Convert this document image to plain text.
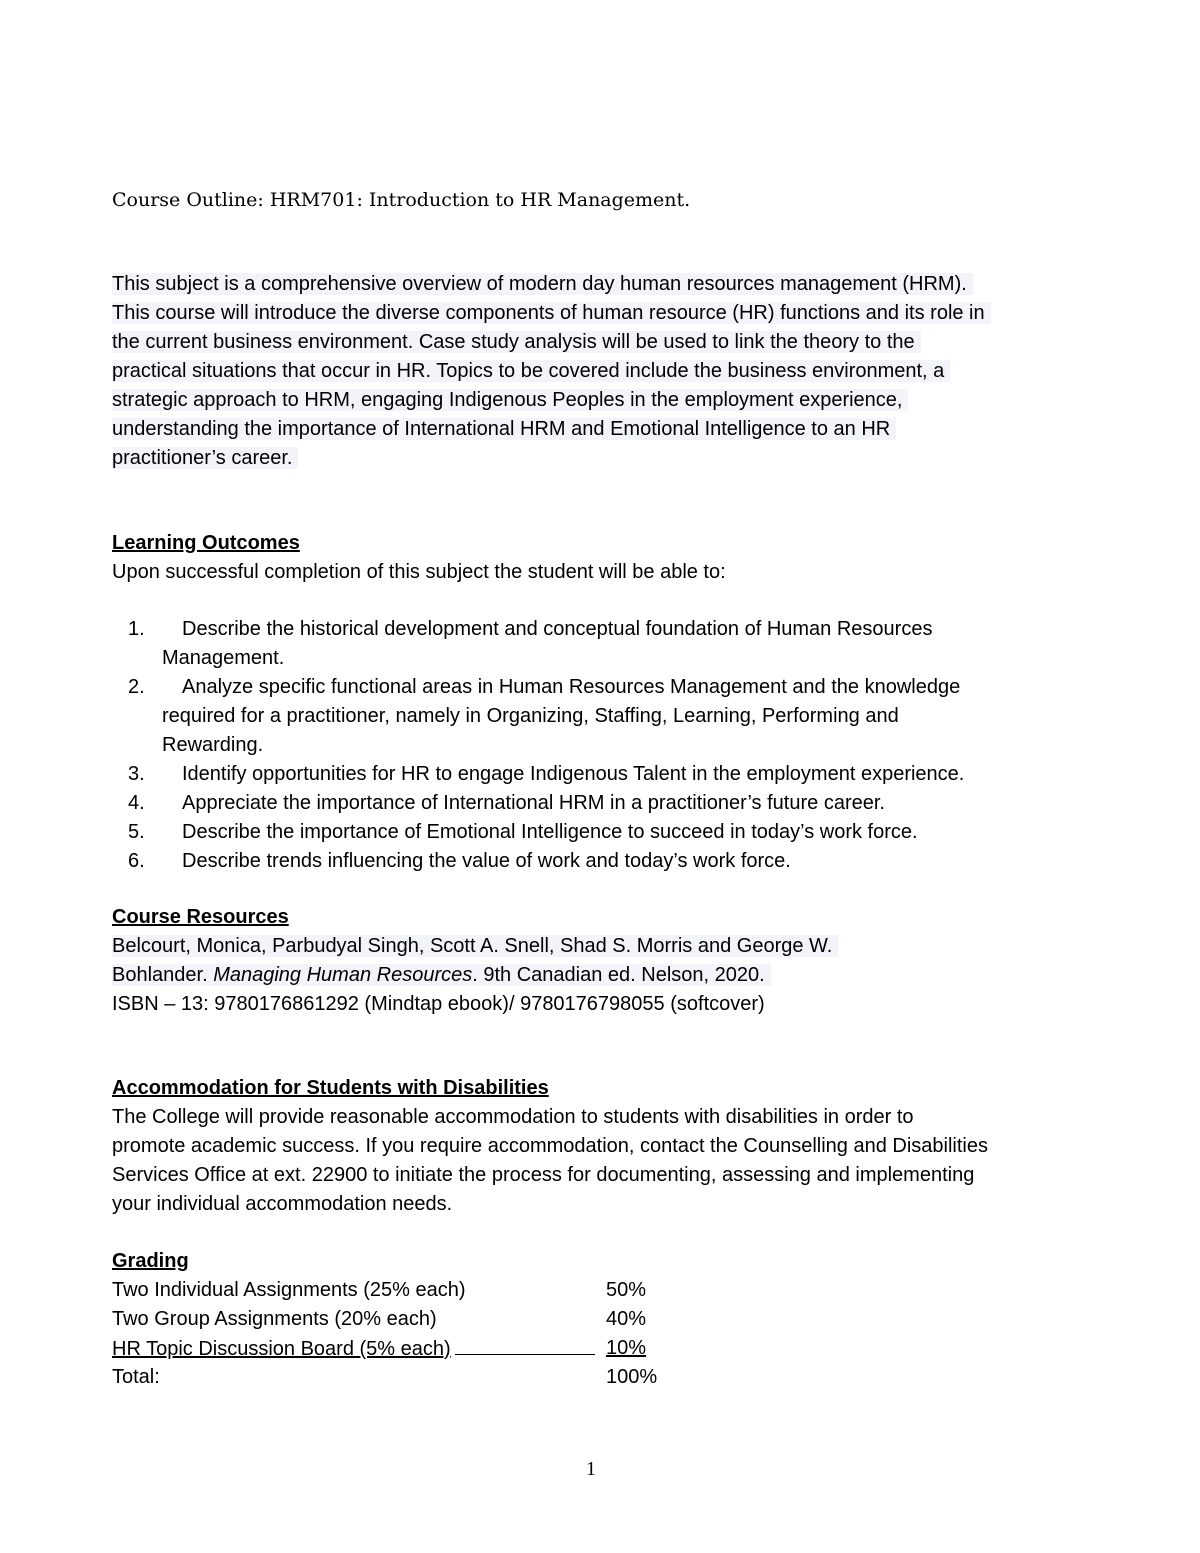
Course Outline: HRM701: Introduction to HR Management.
This subject is a comprehensive overview of modern day human resources management (HRM).
This course will introduce the diverse components of human resource (HR) functions and its role in
the current business environment. Case study analysis will be used to link the theory to the
practical situations that occur in HR. Topics to be covered include the business environment, a
strategic approach to HRM, engaging Indigenous Peoples in the employment experience,
understanding the importance of International HRM and Emotional Intelligence to an HR
practitioner’s career.
Learning Outcomes
Upon successful completion of this subject the student will be able to:
1.	Describe the historical development and conceptual foundation of Human Resources
Management.
2.	Analyze specific functional areas in Human Resources Management and the knowledge
required for a practitioner, namely in Organizing, Staffing, Learning, Performing and
Rewarding.
3.	Identify opportunities for HR to engage Indigenous Talent in the employment experience.
4.	Appreciate the importance of International HRM in a practitioner’s future career.
5.	Describe the importance of Emotional Intelligence to succeed in today’s work force.
6.	Describe trends influencing the value of work and today’s work force.
Course Resources
Belcourt, Monica, Parbudyal Singh, Scott A. Snell, Shad S. Morris and George W.
Bohlander. Managing Human Resources. 9th Canadian ed. Nelson, 2020.
ISBN – 13: 9780176861292 (Mindtap ebook)/ 9780176798055 (softcover)
Accommodation for Students with Disabilities
The College will provide reasonable accommodation to students with disabilities in order to
promote academic success. If you require accommodation, contact the Counselling and Disabilities
Services Office at ext. 22900 to initiate the process for documenting, assessing and implementing
your individual accommodation needs.
Grading
Two Individual Assignments (25% each)	50%
Two Group Assignments (20% each)	40%
HR Topic Discussion Board (5% each)	10%
Total:	100%
1
